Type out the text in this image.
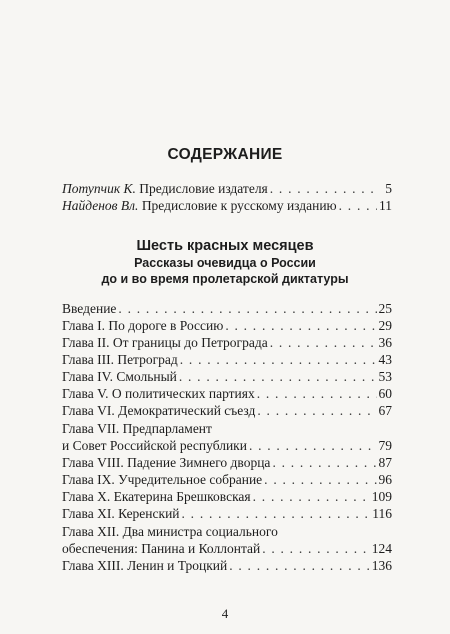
СОДЕРЖАНИЕ
Потупчик К. Предисловие издателя . . .	5
Найденов Вл. Предисловие к русскому изданию . . .	11
Шесть красных месяцев
Рассказы очевидца о России
до и во время пролетарской диктатуры
Введение . . .	25
Глава I. По дороге в Россию . . .	29
Глава II. От границы до Петрограда . . .	36
Глава III. Петроград . . .	43
Глава IV. Смольный . . .	53
Глава V. О политических партиях . . .	60
Глава VI. Демократический съезд . . .	67
Глава VII. Предпарламент
и Совет Российской республики . . .	79
Глава VIII. Падение Зимнего дворца . . .	87
Глава IX. Учредительное собрание . . .	96
Глава X. Екатерина Брешковская . . .	109
Глава XI. Керенский . . .	116
Глава XII. Два министра социального
обеспечения: Панина и Коллонтай . . .	124
Глава XIII. Ленин и Троцкий . . .	136
4
